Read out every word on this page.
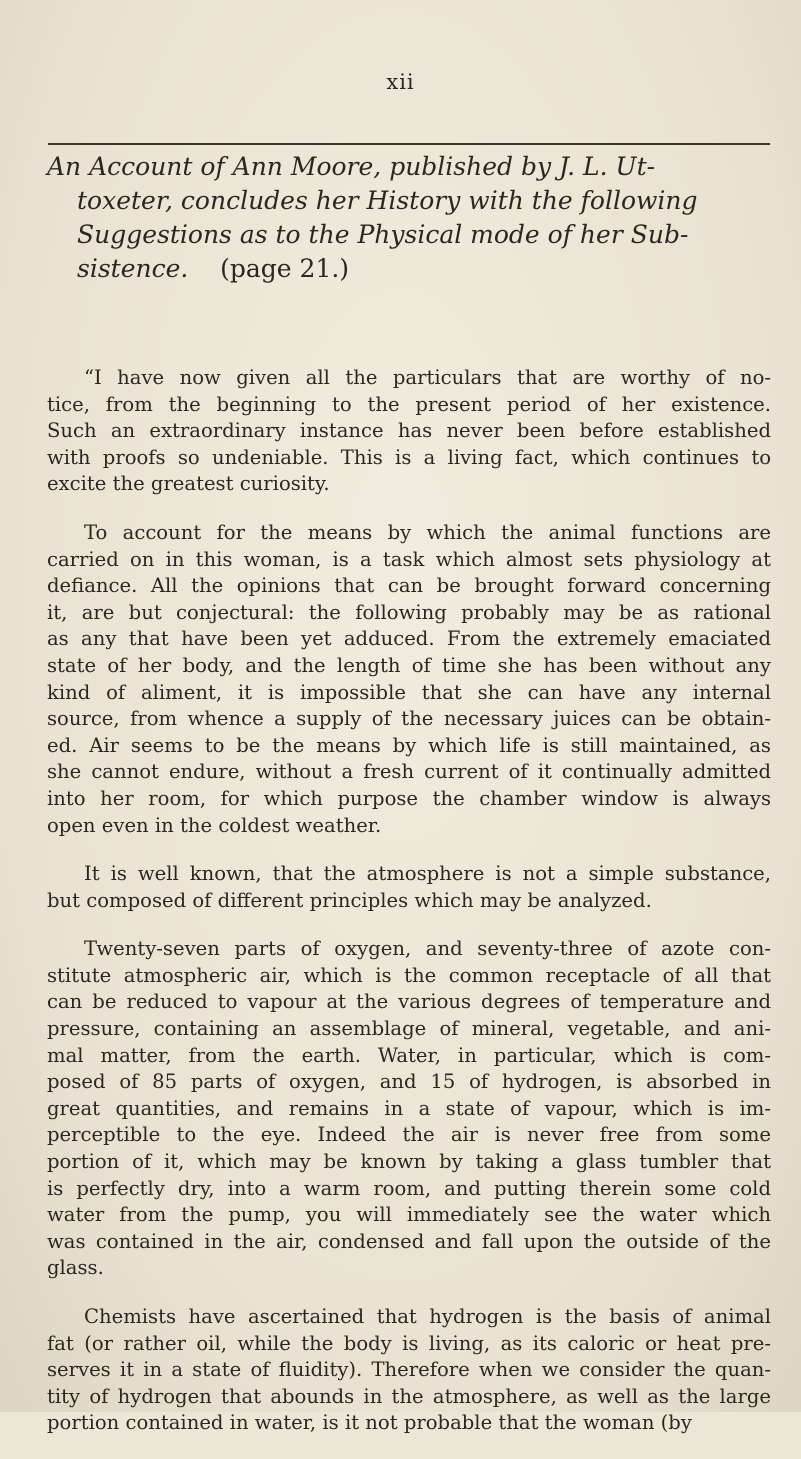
xii
An Account of Ann Moore, published by J. L. Ut-
toxeter, concludes her History with the following
Suggestions as to the Physical mode of her Sub-
sistence. (page 21.)

“I have now given all the particulars that are worthy of no-
tice, from the beginning to the present period of her existence.
Such an extraordinary instance has never been before established
with proofs so undeniable. This is a living fact, which continues to
excite the greatest curiosity.

To account for the means by which the animal functions are
carried on in this woman, is a task which almost sets physiology at
defiance. All the opinions that can be brought forward concerning
it, are but conjectural: the following probably may be as rational
as any that have been yet adduced. From the extremely emaciated
state of her body, and the length of time she has been without any
kind of aliment, it is impossible that she can have any internal
source, from whence a supply of the necessary juices can be obtain-
ed. Air seems to be the means by which life is still maintained, as
she cannot endure, without a fresh current of it continually admitted
into her room, for which purpose the chamber window is always
open even in the coldest weather.

It is well known, that the atmosphere is not a simple substance,
but composed of different principles which may be analyzed.

Twenty-seven parts of oxygen, and seventy-three of azote con-
stitute atmospheric air, which is the common receptacle of all that
can be reduced to vapour at the various degrees of temperature and
pressure, containing an assemblage of mineral, vegetable, and ani-
mal matter, from the earth. Water, in particular, which is com-
posed of 85 parts of oxygen, and 15 of hydrogen, is absorbed in
great quantities, and remains in a state of vapour, which is im-
perceptible to the eye. Indeed the air is never free from some
portion of it, which may be known by taking a glass tumbler that
is perfectly dry, into a warm room, and putting therein some cold
water from the pump, you will immediately see the water which
was contained in the air, condensed and fall upon the outside of the
glass.

Chemists have ascertained that hydrogen is the basis of animal
fat (or rather oil, while the body is living, as its caloric or heat pre-
serves it in a state of fluidity). Therefore when we consider the quan-
tity of hydrogen that abounds in the atmosphere, as well as the large
portion contained in water, is it not probable that the woman (by
